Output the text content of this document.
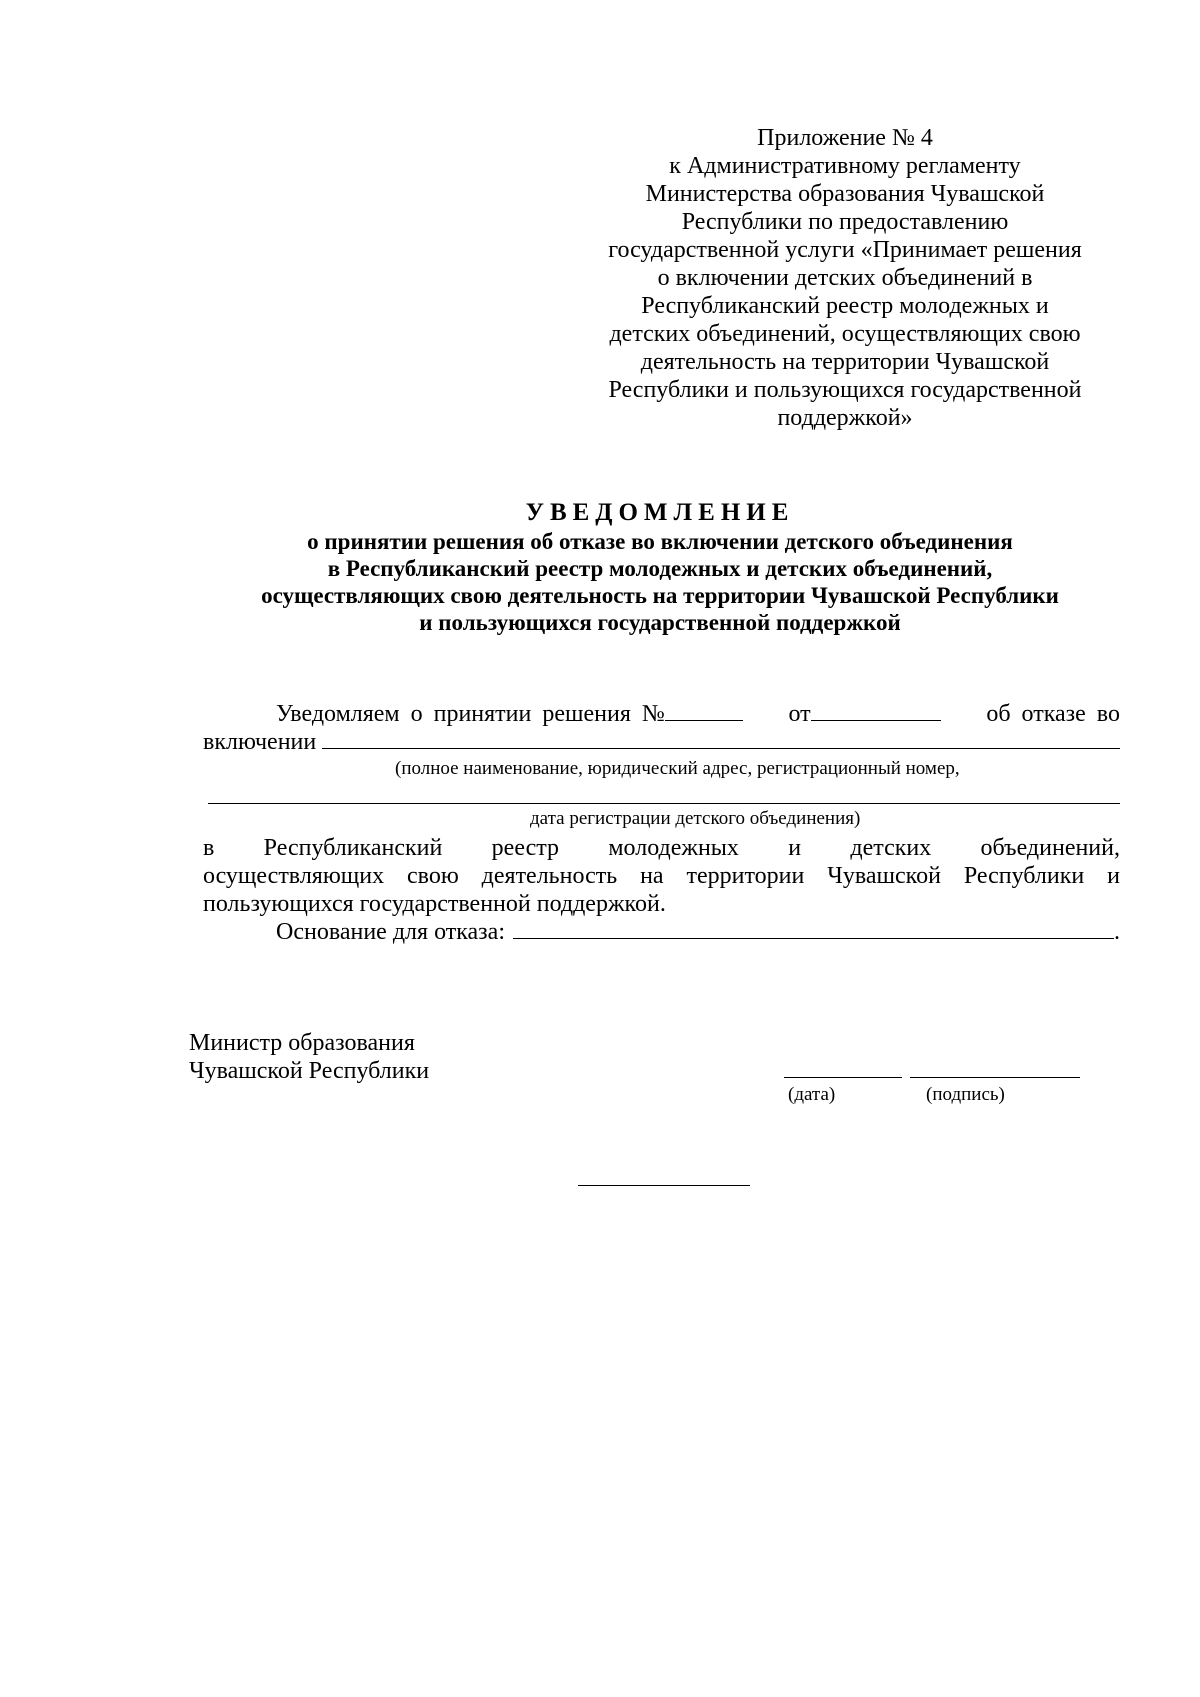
Приложение № 4
к Административному регламенту
Министерства образования Чувашской
Республики по предоставлению
государственной услуги «Принимает решения
о включении детских объединений в
Республиканский реестр молодежных и
детских объединений, осуществляющих свою
деятельность на территории Чувашской
Республики и пользующихся государственной
поддержкой»
УВЕДОМЛЕНИЕ
о принятии решения об отказе во включении детского объединения
в Республиканский реестр молодежных и детских объединений,
осуществляющих свою деятельность на территории Чувашской Республики
и пользующихся государственной поддержкой
Уведомляем о принятии решения №	от	об отказе во
включении
(полное наименование, юридический адрес, регистрационный номер,
дата регистрации детского объединения)
в Республиканский реестр молодежных и детских объединений,
осуществляющих свою деятельность на территории Чувашской Республики и
пользующихся государственной поддержкой.
Основание для отказа:	.
Министр образования
Чувашской Республики
(дата)	(подпись)
